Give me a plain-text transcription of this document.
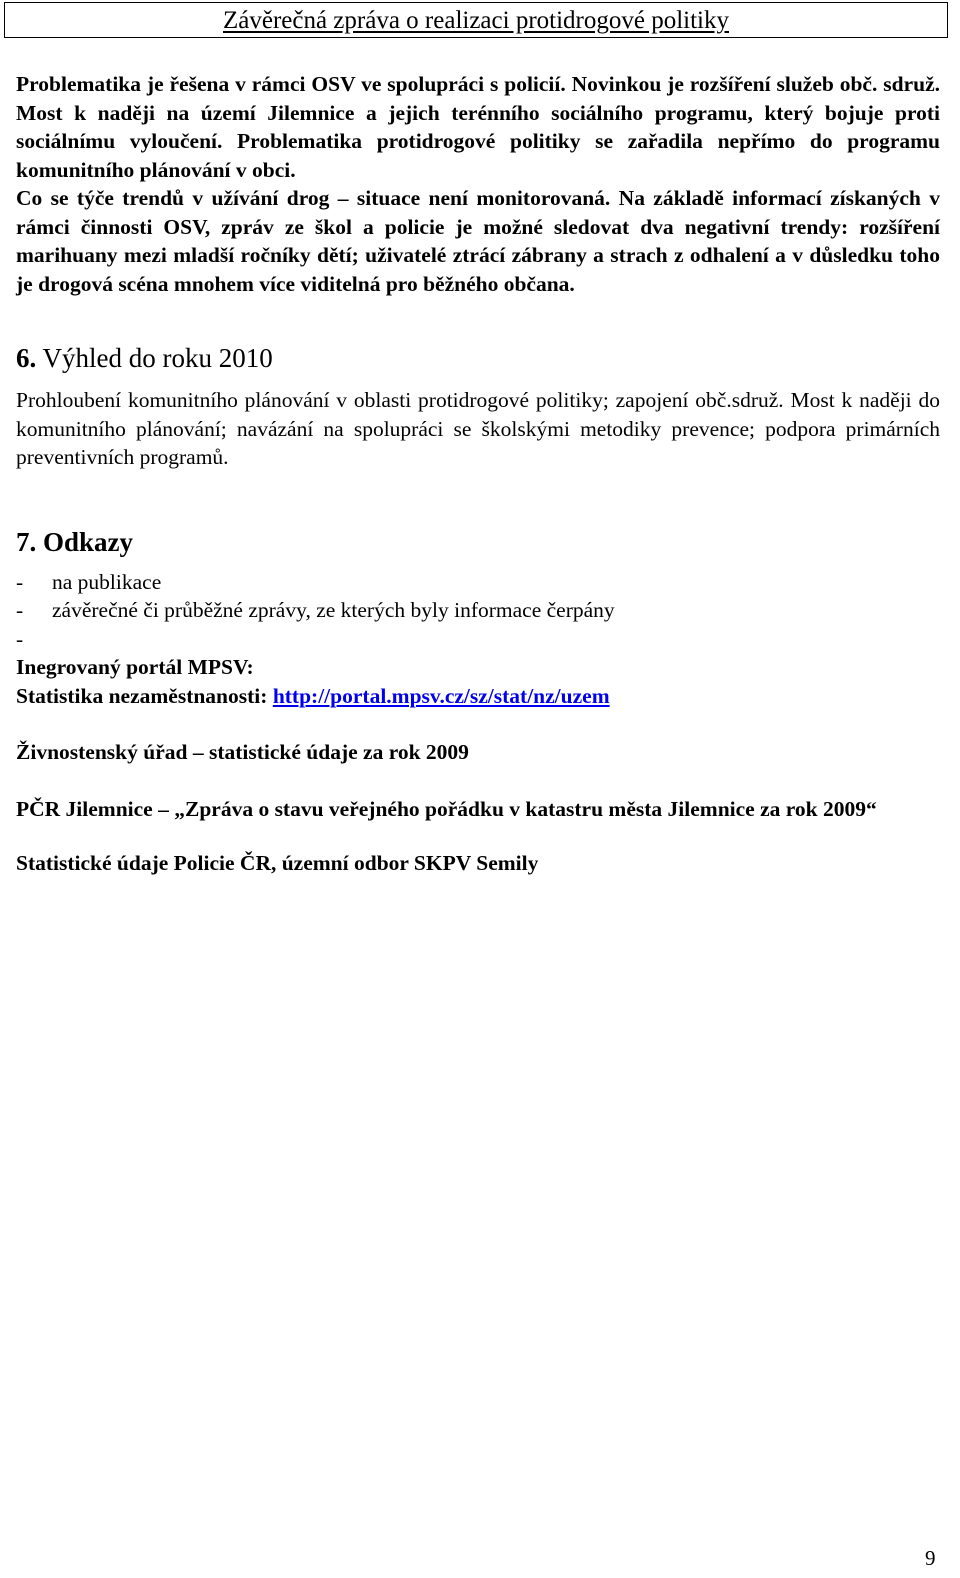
Závěrečná zpráva o realizaci protidrogové politiky

Problematika je řešena v rámci OSV ve spolupráci s policií. Novinkou je rozšíření služeb obč. sdruž. Most k naději na území Jilemnice a jejich terénního sociálního programu, který bojuje proti sociálnímu vyloučení. Problematika protidrogové politiky se zařadila nepřímo do programu komunitního plánování v obci.

Co se týče trendů v užívání drog – situace není monitorovaná. Na základě informací získaných v rámci činnosti OSV, zpráv ze škol a policie je možné sledovat dva negativní trendy: rozšíření marihuany mezi mladší ročníky dětí; uživatelé ztrácí zábrany a strach z odhalení a v důsledku toho je drogová scéna mnohem více viditelná pro běžného občana.

6. Výhled do roku 2010

Prohloubení komunitního plánování v oblasti protidrogové politiky; zapojení obč.sdruž. Most k naději do komunitního plánování; navázání na spolupráci se školskými metodiky prevence; podpora primárních preventivních programů.

7. Odkazy
-	na publikace
-	závěrečné či průběžné zprávy, ze kterých byly informace čerpány
-

Inegrovaný portál MPSV:

Statistika nezaměstnanosti: http://portal.mpsv.cz/sz/stat/nz/uzem

Živnostenský úřad – statistické údaje za rok 2009

PČR Jilemnice – „Zpráva o stavu veřejného pořádku v katastru města Jilemnice za rok 2009“

Statistické údaje Policie ČR, územní odbor SKPV Semily

9
